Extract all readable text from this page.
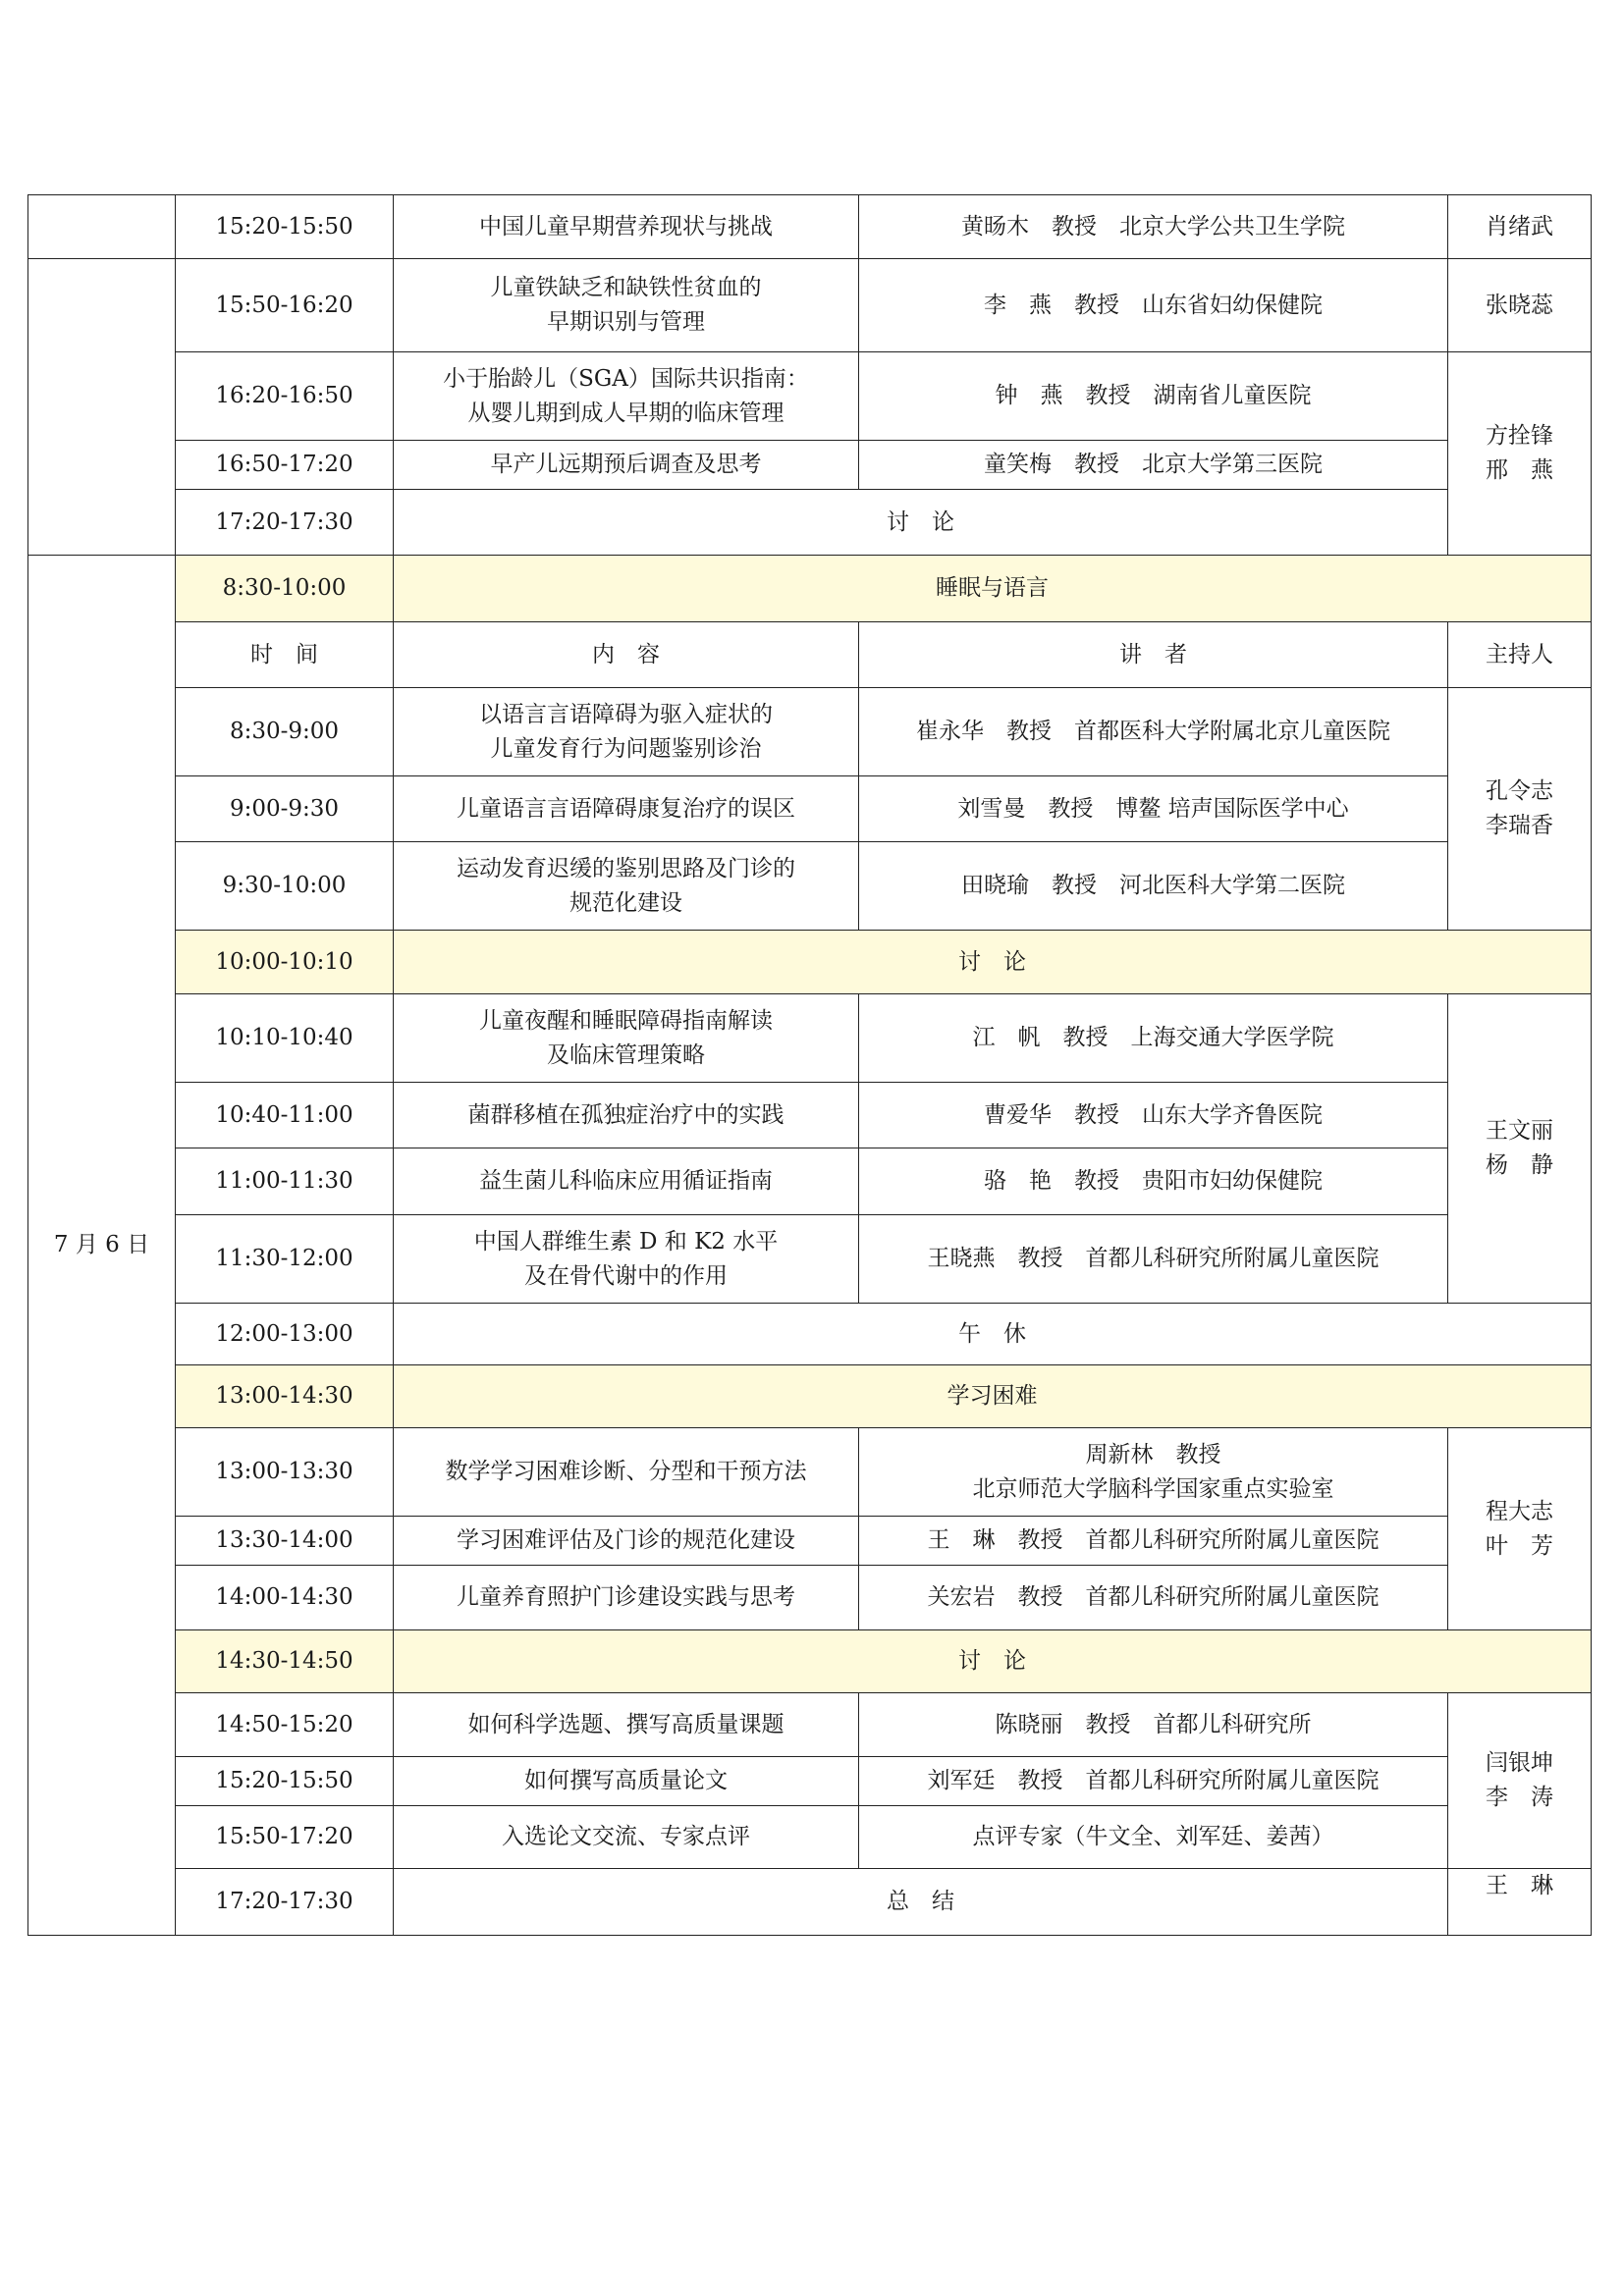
	15:20-15:50	中国儿童早期营养现状与挑战	黄旸木　教授　北京大学公共卫生学院	肖绪武
	15:50-16:20	儿童铁缺乏和缺铁性贫血的
早期识别与管理	李　燕　教授　山东省妇幼保健院	张晓蕊
	16:20-16:50	小于胎龄儿（SGA）国际共识指南：
从婴儿期到成人早期的临床管理	钟　燕　教授　湖南省儿童医院	方拴锋
邢　燕

	16:50-17:20	早产儿远期预后调查及思考	童笑梅　教授　北京大学第三医院	
	17:20-17:30	讨　论		
7 月 6 日	8:30-10:00	睡眠与语言		
	时　间	内　容	讲　者	主持人
	8:30-9:00	以语言言语障碍为驱入症状的
儿童发育行为问题鉴别诊治	崔永华　教授　首都医科大学附属北京儿童医院	孔令志
李瑞香

	9:00-9:30	儿童语言言语障碍康复治疗的误区	刘雪曼　教授　博鳌 培声国际医学中心	
	9:30-10:00	运动发育迟缓的鉴别思路及门诊的
规范化建设	田晓瑜　教授　河北医科大学第二医院	
	10:00-10:10	讨　论		
	10:10-10:40	儿童夜醒和睡眠障碍指南解读
及临床管理策略	江　帆　教授　上海交通大学医学院	王文丽
杨　静

	10:40-11:00	菌群移植在孤独症治疗中的实践	曹爱华　教授　山东大学齐鲁医院	
	11:00-11:30	益生菌儿科临床应用循证指南	骆　艳　教授　贵阳市妇幼保健院	
	11:30-12:00	中国人群维生素 D 和 K2 水平
及在骨代谢中的作用	王晓燕　教授　首都儿科研究所附属儿童医院	
	12:00-13:00	午　休		
	13:00-14:30	学习困难		
	13:00-13:30	数学学习困难诊断、分型和干预方法	周新林　教授
北京师范大学脑科学国家重点实验室	程大志
叶　芳

	13:30-14:00	学习困难评估及门诊的规范化建设	王　琳　教授　首都儿科研究所附属儿童医院	
	14:00-14:30	儿童养育照护门诊建设实践与思考	关宏岩　教授　首都儿科研究所附属儿童医院	
	14:30-14:50	讨　论		
	14:50-15:20	如何科学选题、撰写高质量课题	陈晓丽　教授　首都儿科研究所	闫银坤
李　涛

	15:20-15:50	如何撰写高质量论文	刘军廷　教授　首都儿科研究所附属儿童医院	
	15:50-17:20	入选论文交流、专家点评	点评专家（牛文全、刘军廷、姜茜）	
	17:20-17:30	总　结		王　琳
